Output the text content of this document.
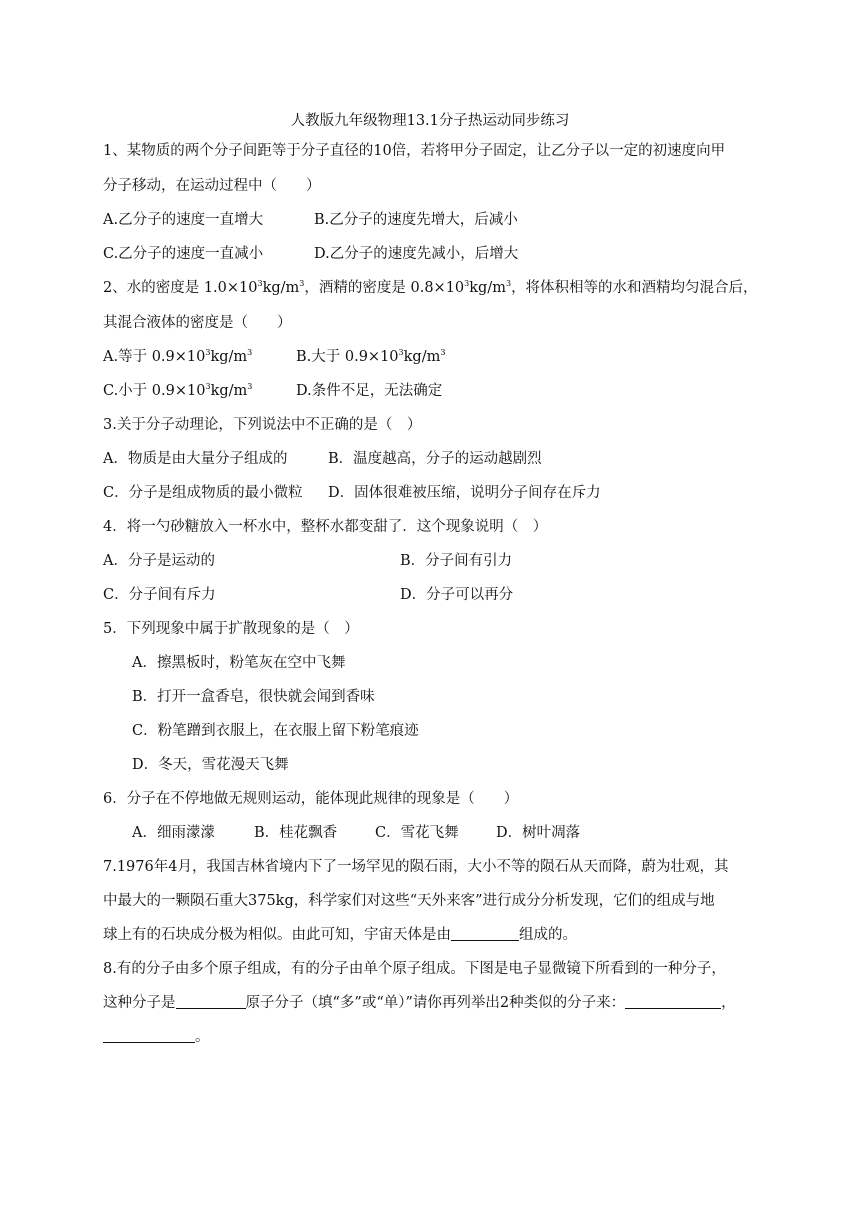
人教版九年级物理13.1分子热运动同步练习
1、某物质的两个分子间距等于分子直径的10倍，若将甲分子固定，让乙分子以一定的初速度向甲
分子移动，在运动过程中（　　）
A.乙分子的速度一直增大	B.乙分子的速度先增大，后减小
C.乙分子的速度一直减小	D.乙分子的速度先减小，后增大
2、水的密度是 $1.0\times 10^3kg/m^3$，酒精的密度是 $0.8\times 10^3kg/m^3$，将体积相等的水和酒精均匀混合后，
其混合液体的密度是（　　）
A.等于 $0.9\times 10^3kg/m^3$	B.大于 $0.9\times 10^3kg/m^3$
C.小于 $0.9\times 10^3kg/m^3$	D.条件不足，无法确定
3.关于分子动理论，下列说法中不正确的是（　）
A．物质是由大量分子组成的	B．温度越高，分子的运动越剧烈
C．分子是组成物质的最小微粒 D．固体很难被压缩，说明分子间存在斥力
4．将一勺砂糖放入一杯水中，整杯水都变甜了．这个现象说明（　）
A．分子是运动的	B．分子间有引力
C．分子间有斥力	D．分子可以再分
5．下列现象中属于扩散现象的是（　）
A．擦黑板时，粉笔灰在空中飞舞
B．打开一盒香皂，很快就会闻到香味
C．粉笔蹭到衣服上，在衣服上留下粉笔痕迹
D．冬天，雪花漫天飞舞
6．分子在不停地做无规则运动，能体现此规律的现象是（　　）
A．细雨濛濛	B．桂花飘香	C．雪花飞舞	D．树叶凋落
7.1976年4月，我国吉林省境内下了一场罕见的陨石雨，大小不等的陨石从天而降，蔚为壮观，其
中最大的一颗陨石重大375kg，科学家们对这些“天外来客”进行成分分析发现，它们的组成与地
球上有的石块成分极为相似。由此可知，宇宙天体是由	组成的。
8.有的分子由多个原子组成，有的分子由单个原子组成。下图是电子显微镜下所看到的一种分子，
这种分子是	原子分子（填“多”或“单）”请你再列举出2种类似的分子来：	，
。
